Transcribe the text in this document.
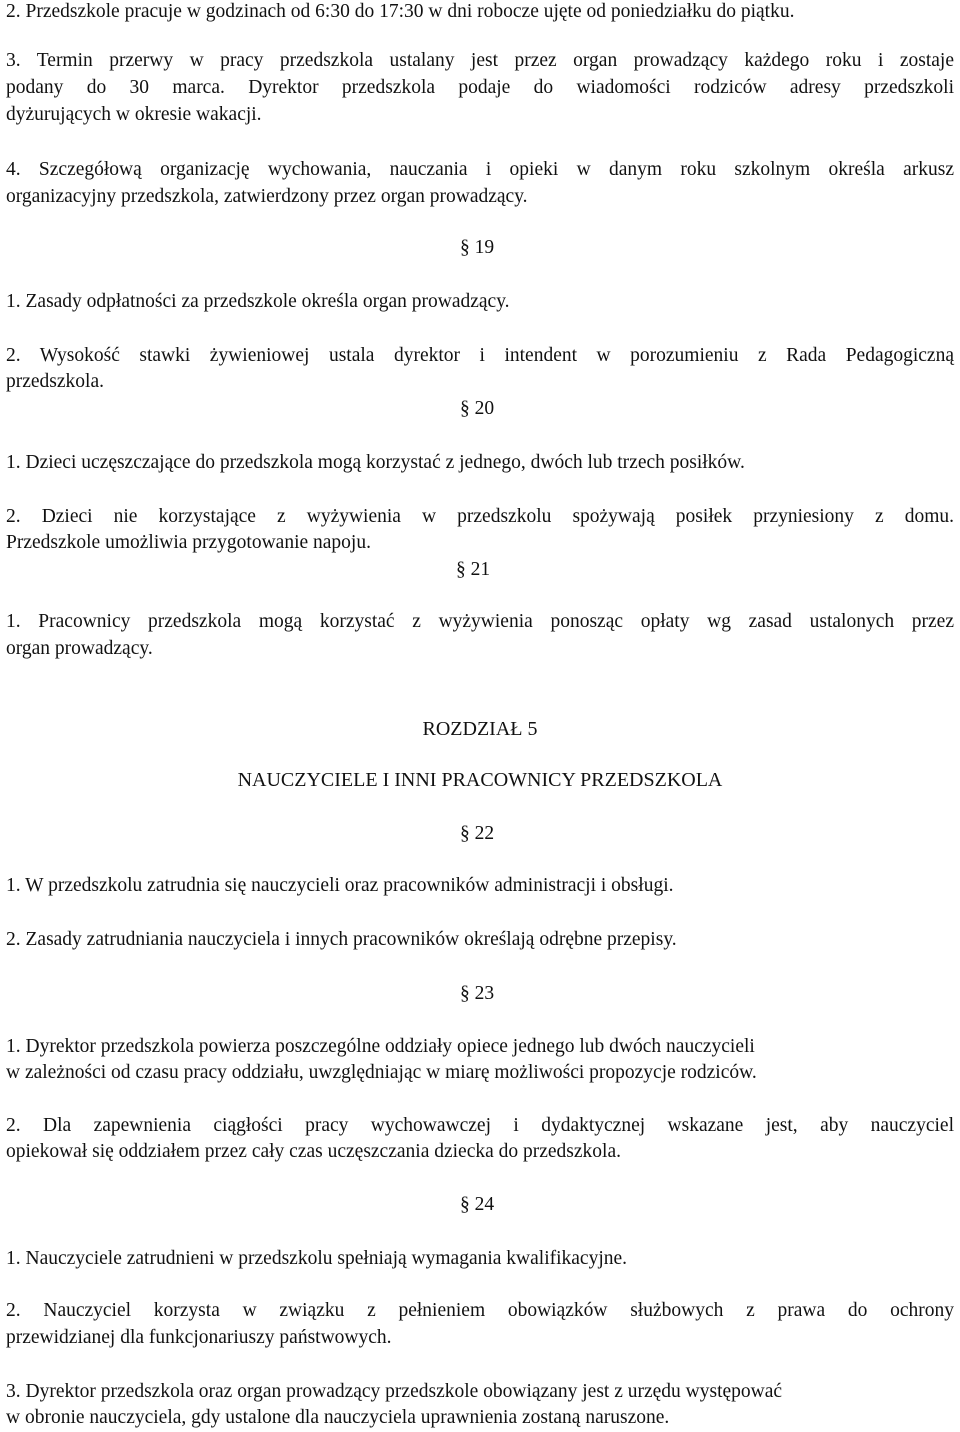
2. Przedszkole pracuje w godzinach od 6:30 do 17:30 w dni robocze ujęte od poniedziałku do piątku.
3. Termin przerwy w pracy przedszkola ustalany jest przez organ prowadzący każdego roku i zostaje
podany do 30 marca. Dyrektor przedszkola podaje do wiadomości rodziców adresy przedszkoli
dyżurujących w okresie wakacji.
4. Szczegółową organizację wychowania, nauczania i opieki w danym roku szkolnym określa arkusz
organizacyjny przedszkola, zatwierdzony przez organ prowadzący.
§ 19
1. Zasady odpłatności za przedszkole określa organ prowadzący.
2. Wysokość stawki żywieniowej ustala dyrektor i intendent w porozumieniu z Rada Pedagogiczną
przedszkola.
§ 20
1. Dzieci uczęszczające do przedszkola mogą korzystać z jednego, dwóch lub trzech posiłków.
2. Dzieci nie korzystające z wyżywienia w przedszkolu spożywają posiłek przyniesiony z domu.
Przedszkole umożliwia przygotowanie napoju.
§ 21
1. Pracownicy przedszkola mogą korzystać z wyżywienia ponosząc opłaty wg zasad ustalonych przez
organ prowadzący.
ROZDZIAŁ 5
NAUCZYCIELE I INNI PRACOWNICY PRZEDSZKOLA
§ 22
1. W przedszkolu zatrudnia się nauczycieli oraz pracowników administracji i obsługi.
2. Zasady zatrudniania nauczyciela i innych pracowników określają odrębne przepisy.
§ 23
1. Dyrektor przedszkola powierza poszczególne oddziały opiece jednego lub dwóch nauczycieli
w zależności od czasu pracy oddziału, uwzględniając w miarę możliwości propozycje rodziców.
2. Dla zapewnienia ciągłości pracy wychowawczej i dydaktycznej wskazane jest, aby nauczyciel
opiekował się oddziałem przez cały czas uczęszczania dziecka do przedszkola.
§ 24
1. Nauczyciele zatrudnieni w przedszkolu spełniają wymagania kwalifikacyjne.
2. Nauczyciel korzysta w związku z pełnieniem obowiązków służbowych z prawa do ochrony
przewidzianej dla funkcjonariuszy państwowych.
3. Dyrektor przedszkola oraz organ prowadzący przedszkole obowiązany jest z urzędu występować
w obronie nauczyciela, gdy ustalone dla nauczyciela uprawnienia zostaną naruszone.
